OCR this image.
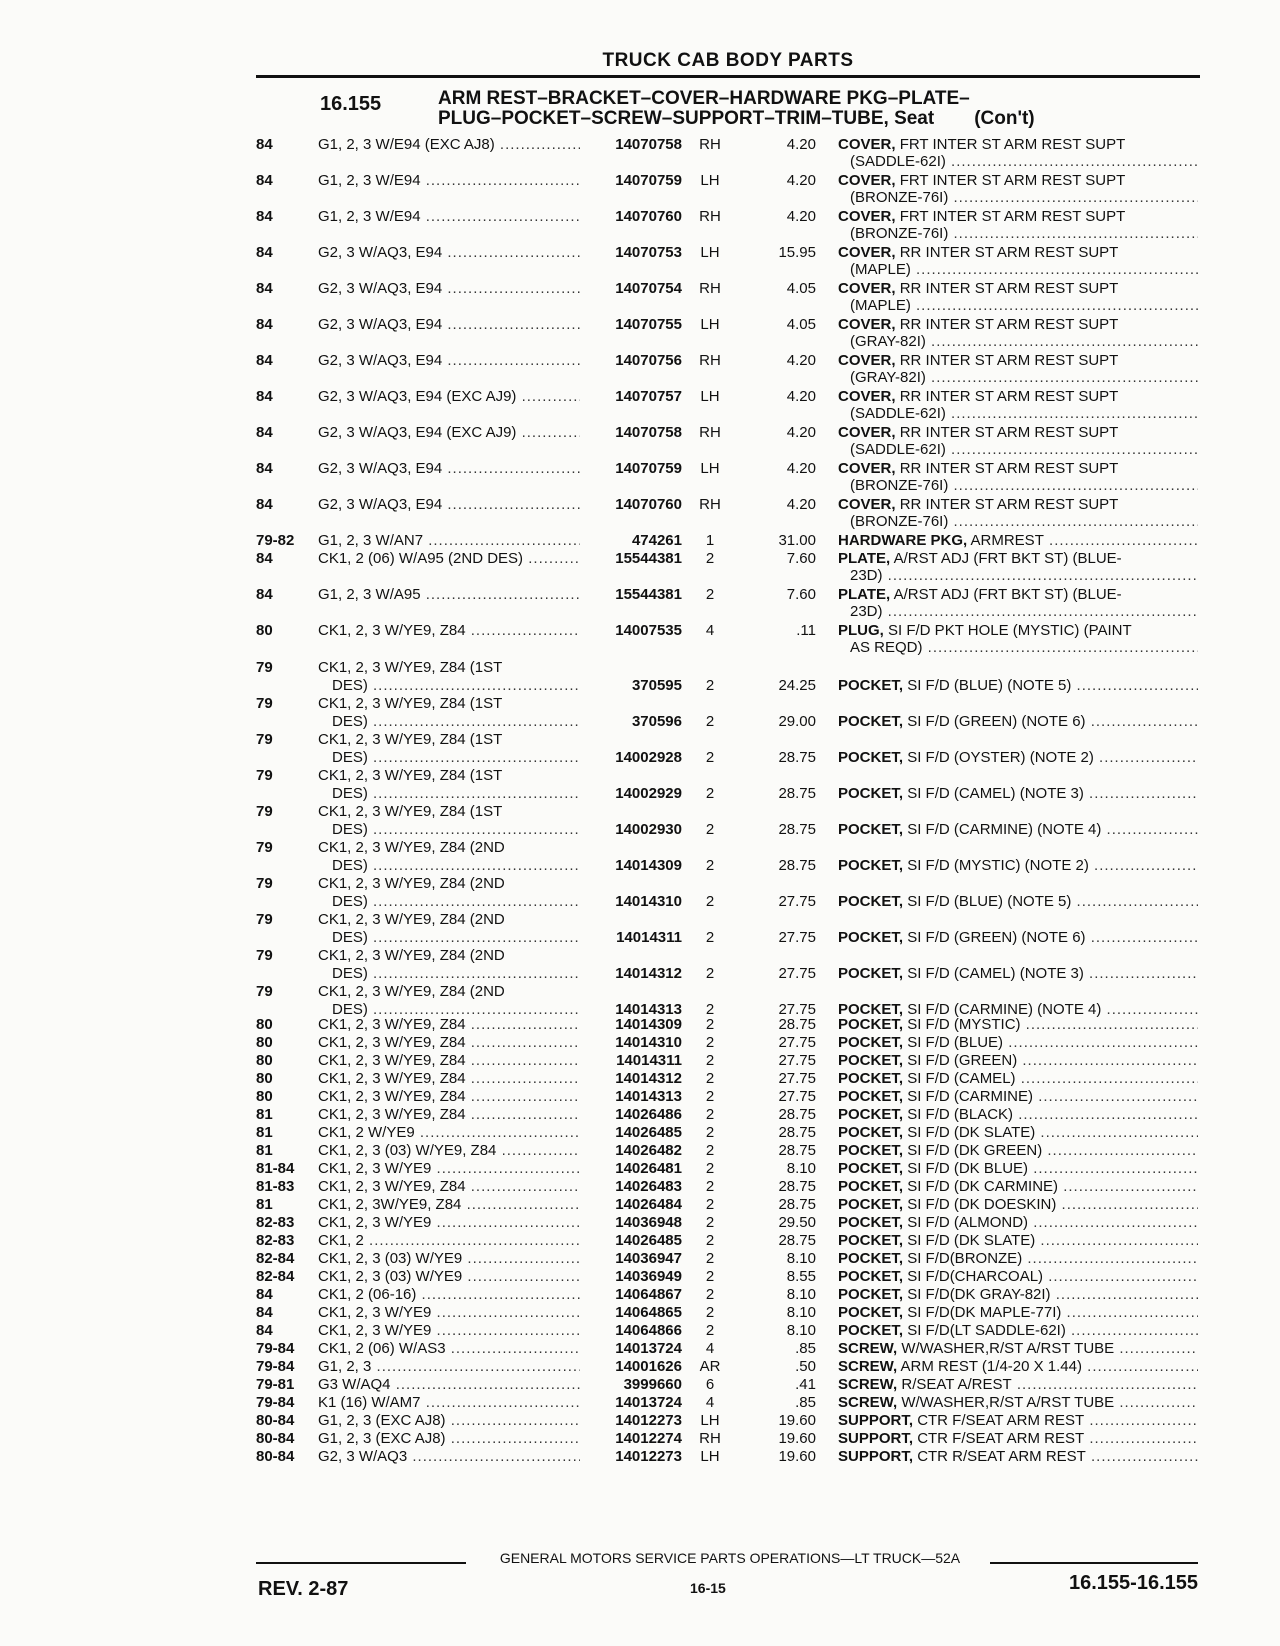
TRUCK CAB BODY PARTS
16.155	ARM REST–BRACKET–COVER–HARDWARE PKG–PLATE–
PLUG–POCKET–SCREW–SUPPORT–TRIM–TUBE, Seat (Con't)
84	G1, 2, 3 W/E94 (EXC AJ8) .....	14070758	RH	4.20 COVER, FRT INTER ST ARM REST SUPT
(SADDLE-62I) .....
84	G1, 2, 3 W/E94 .....	14070759	LH	4.20 COVER, FRT INTER ST ARM REST SUPT
(BRONZE-76I) .....
84	G1, 2, 3 W/E94 .....	14070760	RH	4.20 COVER, FRT INTER ST ARM REST SUPT
(BRONZE-76I) .....
84	G2, 3 W/AQ3, E94 .....	14070753	LH	15.95 COVER, RR INTER ST ARM REST SUPT
(MAPLE) .....
84	G2, 3 W/AQ3, E94 .....	14070754	RH	4.05 COVER, RR INTER ST ARM REST SUPT
(MAPLE) .....
84	G2, 3 W/AQ3, E94 .....	14070755	LH	4.05 COVER, RR INTER ST ARM REST SUPT
(GRAY-82I) .....
84	G2, 3 W/AQ3, E94 .....	14070756	RH	4.20 COVER, RR INTER ST ARM REST SUPT
(GRAY-82I) .....
84	G2, 3 W/AQ3, E94 (EXC AJ9) .....	14070757	LH	4.20 COVER, RR INTER ST ARM REST SUPT
(SADDLE-62I) .....
84	G2, 3 W/AQ3, E94 (EXC AJ9) .....	14070758	RH	4.20 COVER, RR INTER ST ARM REST SUPT
(SADDLE-62I) .....
84	G2, 3 W/AQ3, E94 .....	14070759	LH	4.20 COVER, RR INTER ST ARM REST SUPT
(BRONZE-76I) .....
84	G2, 3 W/AQ3, E94 .....	14070760	RH	4.20 COVER, RR INTER ST ARM REST SUPT
(BRONZE-76I) .....
79-82 G1, 2, 3 W/AN7 .....	474261	1	31.00 HARDWARE PKG, ARMREST .....
84	CK1, 2 (06) W/A95 (2ND DES) .....	15544381	2	7.60 PLATE, A/RST ADJ (FRT BKT ST) (BLUE-
23D) .....
84	G1, 2, 3 W/A95 .....	15544381	2	7.60 PLATE, A/RST ADJ (FRT BKT ST) (BLUE-
23D) .....
80	CK1, 2, 3 W/YE9, Z84 .....	14007535	4	.11 PLUG, SI F/D PKT HOLE (MYSTIC) (PAINT
AS REQD) .....
79	CK1, 2, 3 W/YE9, Z84 (1ST
DES) .....	370595	2	24.25 POCKET, SI F/D (BLUE) (NOTE 5) .....
79	CK1, 2, 3 W/YE9, Z84 (1ST
DES) .....	370596	2	29.00 POCKET, SI F/D (GREEN) (NOTE 6) .....
79	CK1, 2, 3 W/YE9, Z84 (1ST
DES) .....	14002928	2	28.75 POCKET, SI F/D (OYSTER) (NOTE 2) .....
79	CK1, 2, 3 W/YE9, Z84 (1ST
DES) .....	14002929	2	28.75 POCKET, SI F/D (CAMEL) (NOTE 3) .....
79	CK1, 2, 3 W/YE9, Z84 (1ST
DES) .....	14002930	2	28.75 POCKET, SI F/D (CARMINE) (NOTE 4) .....
79	CK1, 2, 3 W/YE9, Z84 (2ND
DES) .....	14014309	2	28.75 POCKET, SI F/D (MYSTIC) (NOTE 2) .....
79	CK1, 2, 3 W/YE9, Z84 (2ND
DES) .....	14014310	2	27.75 POCKET, SI F/D (BLUE) (NOTE 5) .....
79	CK1, 2, 3 W/YE9, Z84 (2ND
DES) .....	14014311	2	27.75 POCKET, SI F/D (GREEN) (NOTE 6) .....
79	CK1, 2, 3 W/YE9, Z84 (2ND
DES) .....	14014312	2	27.75 POCKET, SI F/D (CAMEL) (NOTE 3) .....
79	CK1, 2, 3 W/YE9, Z84 (2ND
DES) .....	14014313	2	27.75 POCKET, SI F/D (CARMINE) (NOTE 4) .....
80	CK1, 2, 3 W/YE9, Z84 .....	14014309	2	28.75 POCKET, SI F/D (MYSTIC) .....
80	CK1, 2, 3 W/YE9, Z84 .....	14014310	2	27.75 POCKET, SI F/D (BLUE) .....
80	CK1, 2, 3 W/YE9, Z84 .....	14014311	2	27.75 POCKET, SI F/D (GREEN) .....
80	CK1, 2, 3 W/YE9, Z84 .....	14014312	2	27.75 POCKET, SI F/D (CAMEL) .....
80	CK1, 2, 3 W/YE9, Z84 .....	14014313	2	27.75 POCKET, SI F/D (CARMINE) .....
81	CK1, 2, 3 W/YE9, Z84 .....	14026486	2	28.75 POCKET, SI F/D (BLACK) .....
81	CK1, 2 W/YE9 .....	14026485	2	28.75 POCKET, SI F/D (DK SLATE) .....
81	CK1, 2, 3 (03) W/YE9, Z84 .....	14026482	2	28.75 POCKET, SI F/D (DK GREEN) .....
81-84 CK1, 2, 3 W/YE9 .....	14026481	2	8.10 POCKET, SI F/D (DK BLUE) .....
81-83 CK1, 2, 3 W/YE9, Z84 .....	14026483	2	28.75 POCKET, SI F/D (DK CARMINE) .....
81	CK1, 2, 3W/YE9, Z84 .....	14026484	2	28.75 POCKET, SI F/D (DK DOESKIN) .....
82-83 CK1, 2, 3 W/YE9 .....	14036948	2	29.50 POCKET, SI F/D (ALMOND) .....
82-83 CK1, 2 .....	14026485	2	28.75 POCKET, SI F/D (DK SLATE) .....
82-84 CK1, 2, 3 (03) W/YE9 .....	14036947	2	8.10 POCKET, SI F/D(BRONZE) .....
82-84 CK1, 2, 3 (03) W/YE9 .....	14036949	2	8.55 POCKET, SI F/D(CHARCOAL) .....
84	CK1, 2 (06-16) .....	14064867	2	8.10 POCKET, SI F/D(DK GRAY-82I) .....
84	CK1, 2, 3 W/YE9 .....	14064865	2	8.10 POCKET, SI F/D(DK MAPLE-77I) .....
84	CK1, 2, 3 W/YE9 .....	14064866	2	8.10 POCKET, SI F/D(LT SADDLE-62I) .....
79-84 CK1, 2 (06) W/AS3 .....	14013724	4	.85 SCREW, W/WASHER,R/ST A/RST TUBE .....
79-84 G1, 2, 3 .....	14001626	AR	.50 SCREW, ARM REST (1/4-20 X 1.44) .....
79-81 G3 W/AQ4 .....	3999660	6	.41 SCREW, R/SEAT A/REST .....
79-84 K1 (16) W/AM7 .....	14013724	4	.85 SCREW, W/WASHER,R/ST A/RST TUBE .....
80-84 G1, 2, 3 (EXC AJ8) .....	14012273	LH	19.60 SUPPORT, CTR F/SEAT ARM REST .....
80-84 G1, 2, 3 (EXC AJ8) .....	14012274	RH	19.60 SUPPORT, CTR F/SEAT ARM REST .....
80-84 G2, 3 W/AQ3 .....	14012273	LH	19.60 SUPPORT, CTR R/SEAT ARM REST .....
GENERAL MOTORS SERVICE PARTS OPERATIONS—LT TRUCK—52A
REV. 2-87	16-15	16.155-16.155
